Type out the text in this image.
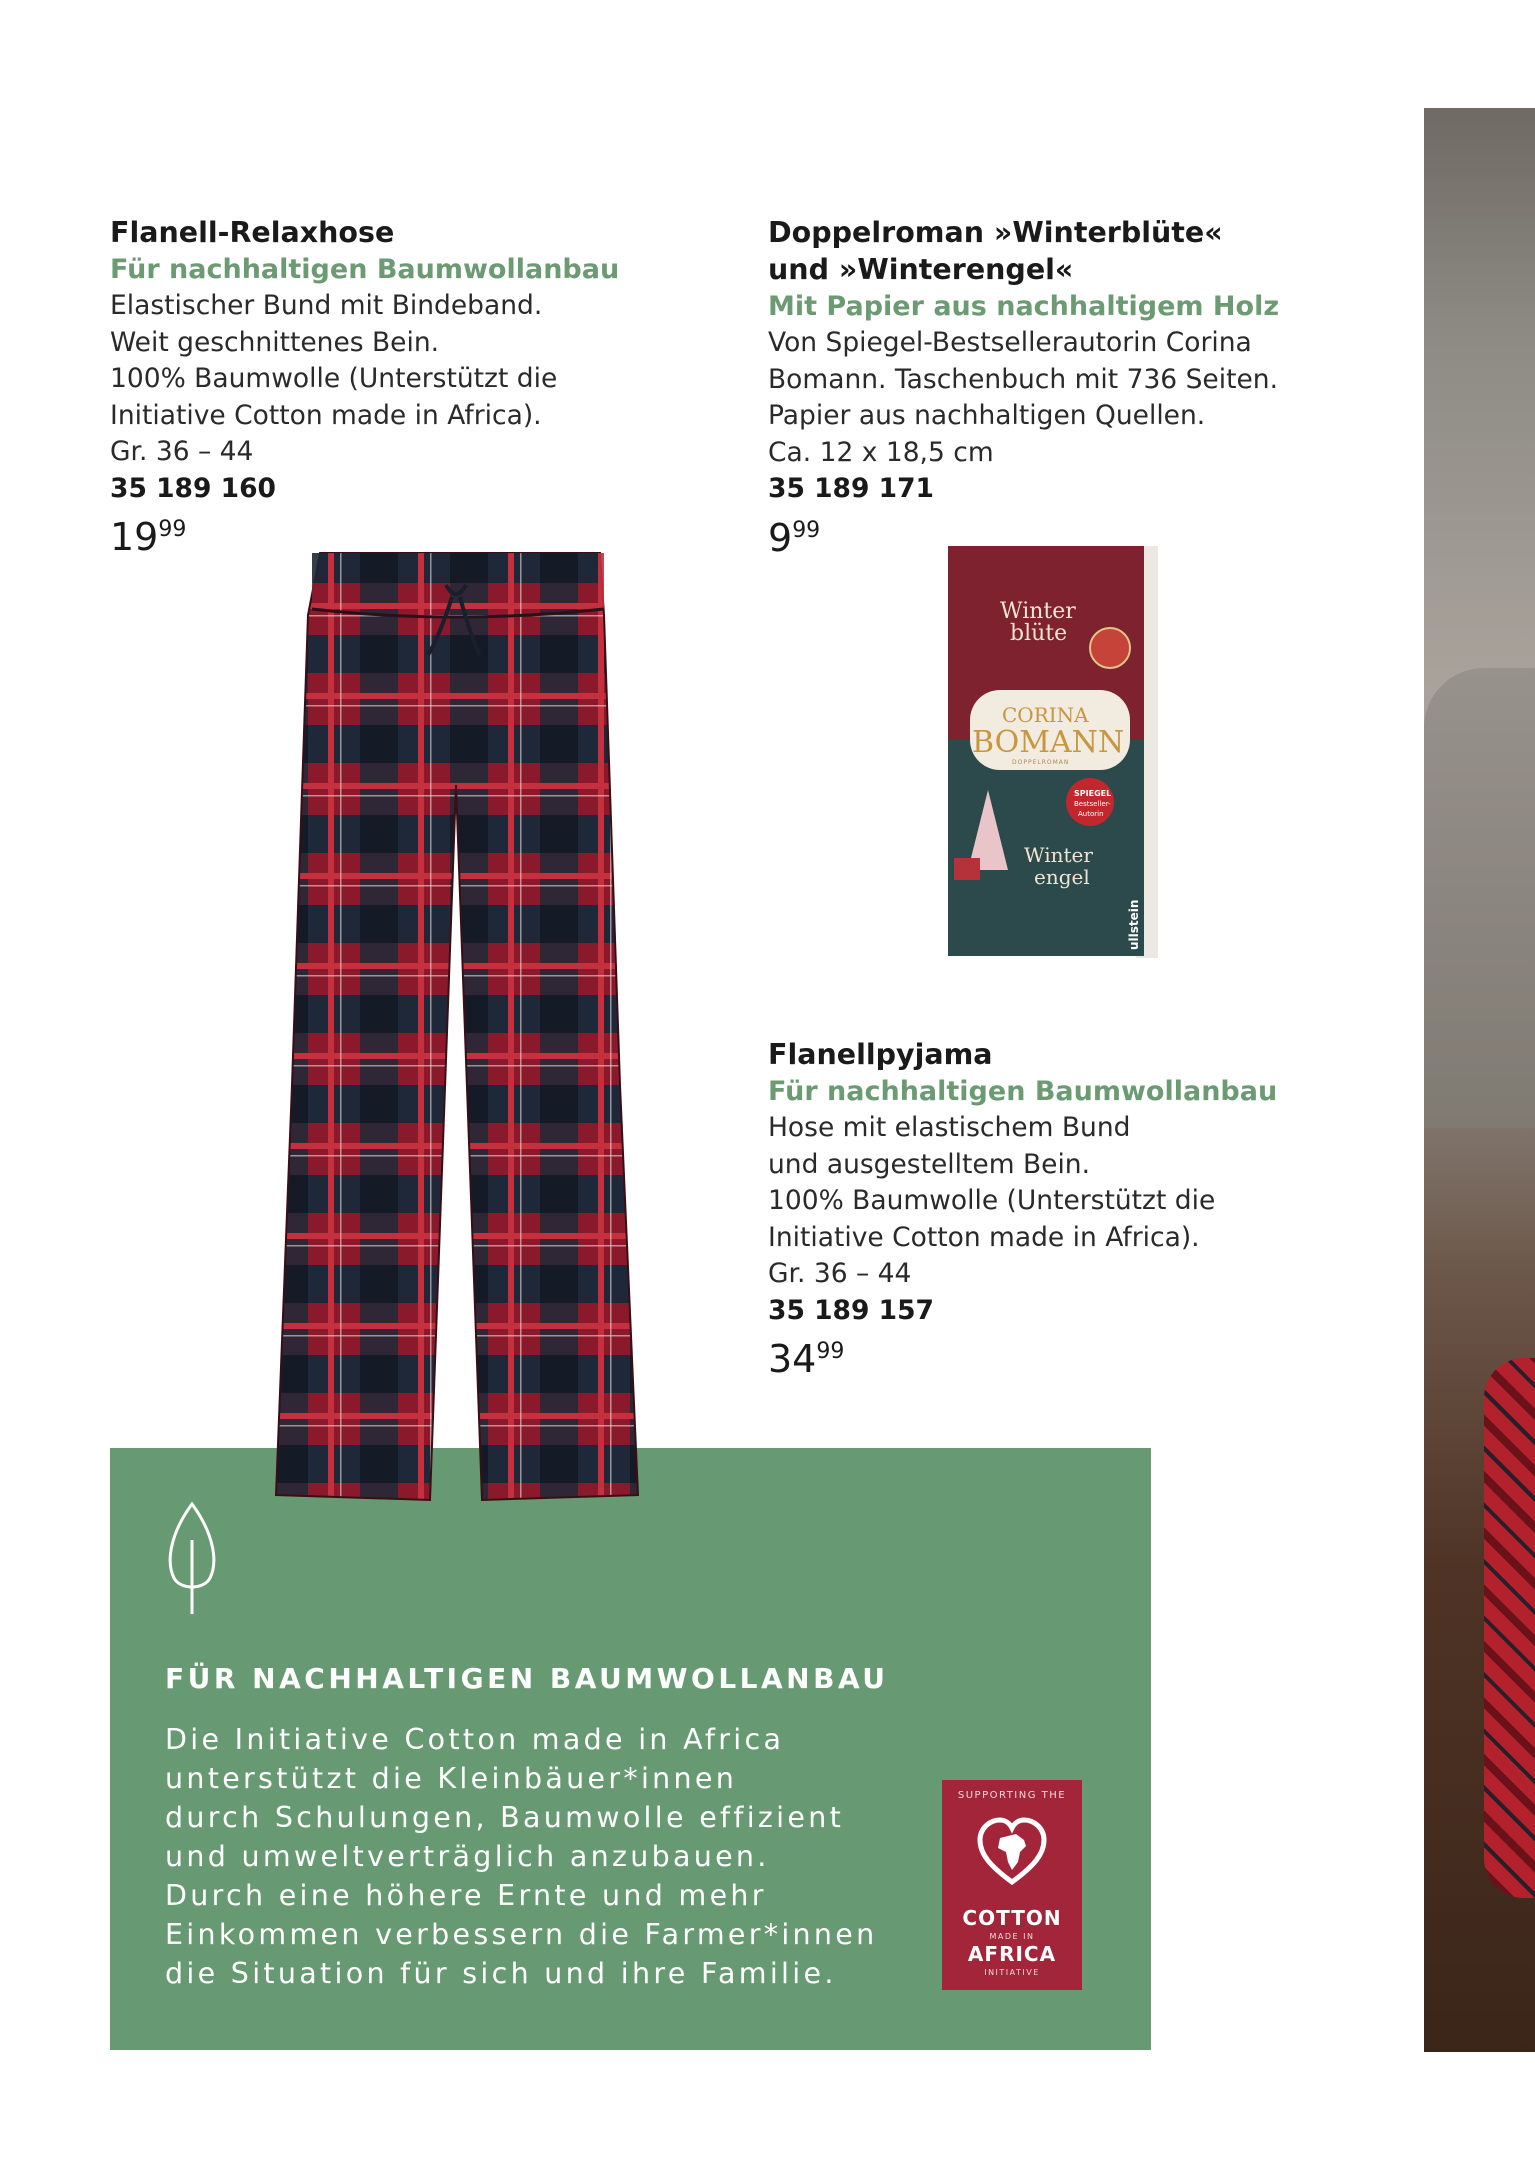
Flanell-Relaxhose
Für nachhaltigen Baumwollanbau
Elastischer Bund mit Bindeband.
Weit geschnittenes Bein.
100% Baumwolle (Unterstützt die
Initiative Cotton made in Africa).
Gr. 36 – 44
35 189 160
$19^{99}$
Doppelroman »Winterblüte«
und »Winterengel«
Mit Papier aus nachhaltigem Holz
Von Spiegel-Bestsellerautorin Corina
Bomann. Taschenbuch mit 736 Seiten.
Papier aus nachhaltigen Quellen.
Ca. 12 x 18,5 cm
35 189 171
$9^{99}$
Flanellpyjama
Für nachhaltigen Baumwollanbau
Hose mit elastischem Bund
und ausgestelltem Bein.
100% Baumwolle (Unterstützt die
Initiative Cotton made in Africa).
Gr. 36 – 44
35 189 157
$34^{99}$
FÜR NACHHALTIGEN BAUMWOLLANBAU
Die Initiative Cotton made in Africa
unterstützt die Kleinbäuer*innen
durch Schulungen, Baumwolle effizient
und umweltverträglich anzubauen.
Durch eine höhere Ernte und mehr
Einkommen verbessern die Farmer*innen
die Situation für sich und ihre Familie.
SUPPORTING THE
COTTON
MADE IN
AFRICA
INITIATIVE
Winter
blüte
CORINA
BOMANN
DOPPELROMAN
SPIEGEL
Bestseller-
Autorin
Winter
engel
ullstein
